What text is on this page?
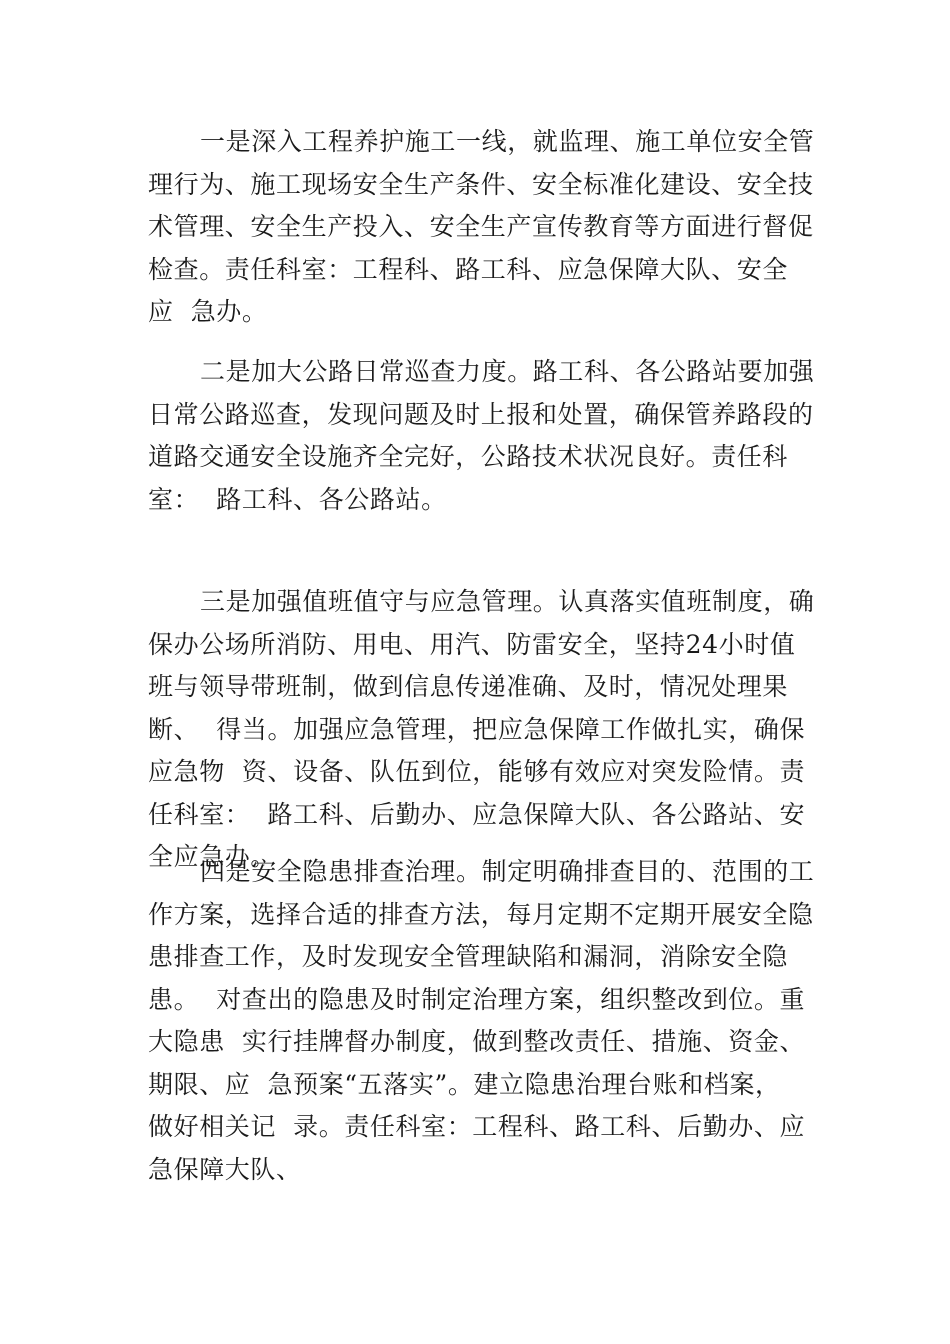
一是深入工程养护施工一线，就监理、施工单位安全管
理行为、施工现场安全生产条件、安全标准化建设、安全技
术管理、安全生产投入、安全生产宣传教育等方面进行督促
检查。责任科室：工程科、路工科、应急保障大队、安全
应  急办。
二是加大公路日常巡查力度。路工科、各公路站要加强
日常公路巡查，发现问题及时上报和处置，确保管养路段的
道路交通安全设施齐全完好，公路技术状况良好。责任科
室：  路工科、各公路站。
三是加强值班值守与应急管理。认真落实值班制度，确
保办公场所消防、用电、用汽、防雷安全，坚持24小时值
班与领导带班制，做到信息传递准确、及时，情况处理果
断、  得当。加强应急管理，把应急保障工作做扎实，确保
应急物  资、设备、队伍到位，能够有效应对突发险情。责
任科室：  路工科、后勤办、应急保障大队、各公路站、安
全应急办。
四是安全隐患排查治理。制定明确排查目的、范围的工
作方案，选择合适的排查方法，每月定期不定期开展安全隐
患排查工作，及时发现安全管理缺陷和漏洞，消除安全隐
患。  对查出的隐患及时制定治理方案，组织整改到位。重
大隐患  实行挂牌督办制度，做到整改责任、措施、资金、
期限、应  急预案“五落实”。建立隐患治理台账和档案，
做好相关记  录。责任科室：工程科、路工科、后勤办、应
急保障大队、
